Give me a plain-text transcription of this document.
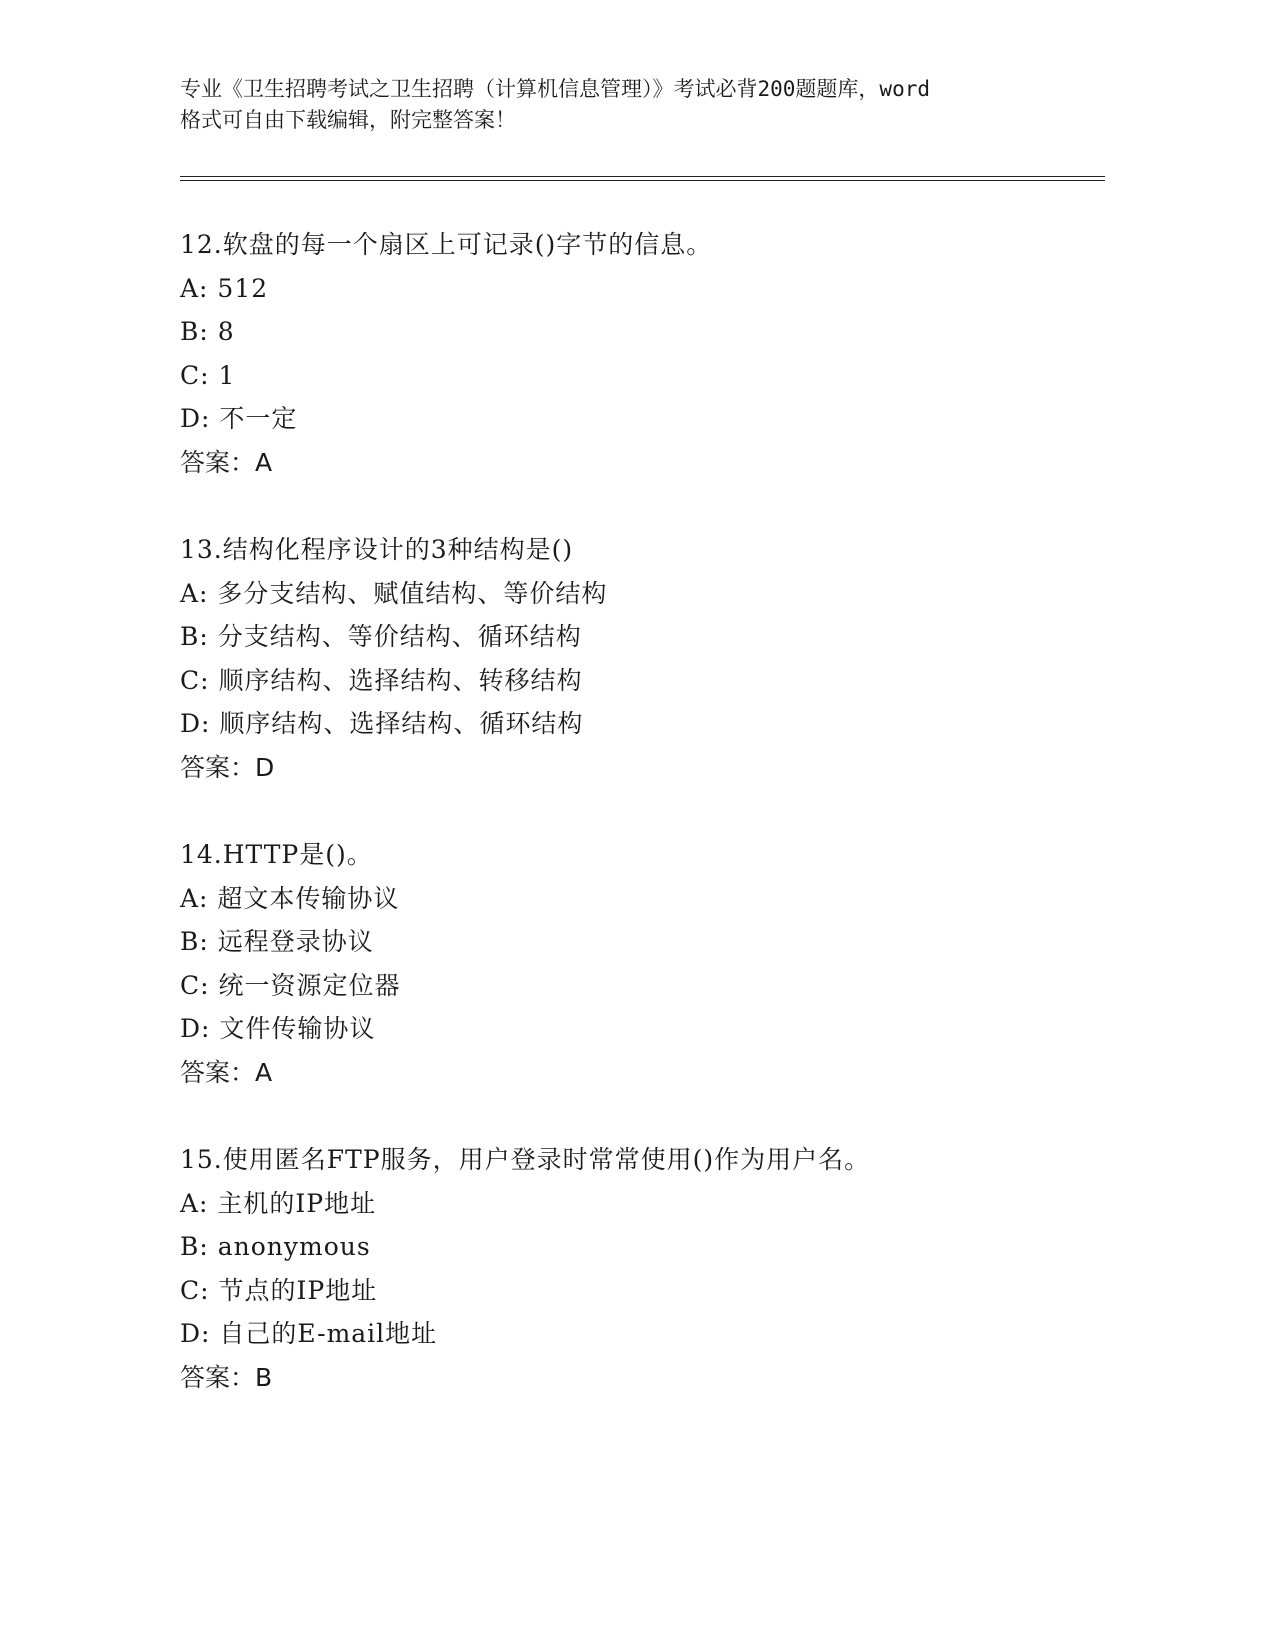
专业《卫生招聘考试之卫生招聘（计算机信息管理）》考试必背200题题库，word
格式可自由下载编辑，附完整答案！
12.软盘的每一个扇区上可记录()字节的信息。
A: 512
B: 8
C: 1
D: 不一定
答案：A
13.结构化程序设计的3种结构是()
A: 多分支结构、赋值结构、等价结构
B: 分支结构、等价结构、循环结构
C: 顺序结构、选择结构、转移结构
D: 顺序结构、选择结构、循环结构
答案：D
14.HTTP是()。
A: 超文本传输协议
B: 远程登录协议
C: 统一资源定位器
D: 文件传输协议
答案：A
15.使用匿名FTP服务，用户登录时常常使用()作为用户名。
A: 主机的IP地址
B: anonymous
C: 节点的IP地址
D: 自己的E-mail地址
答案：B
